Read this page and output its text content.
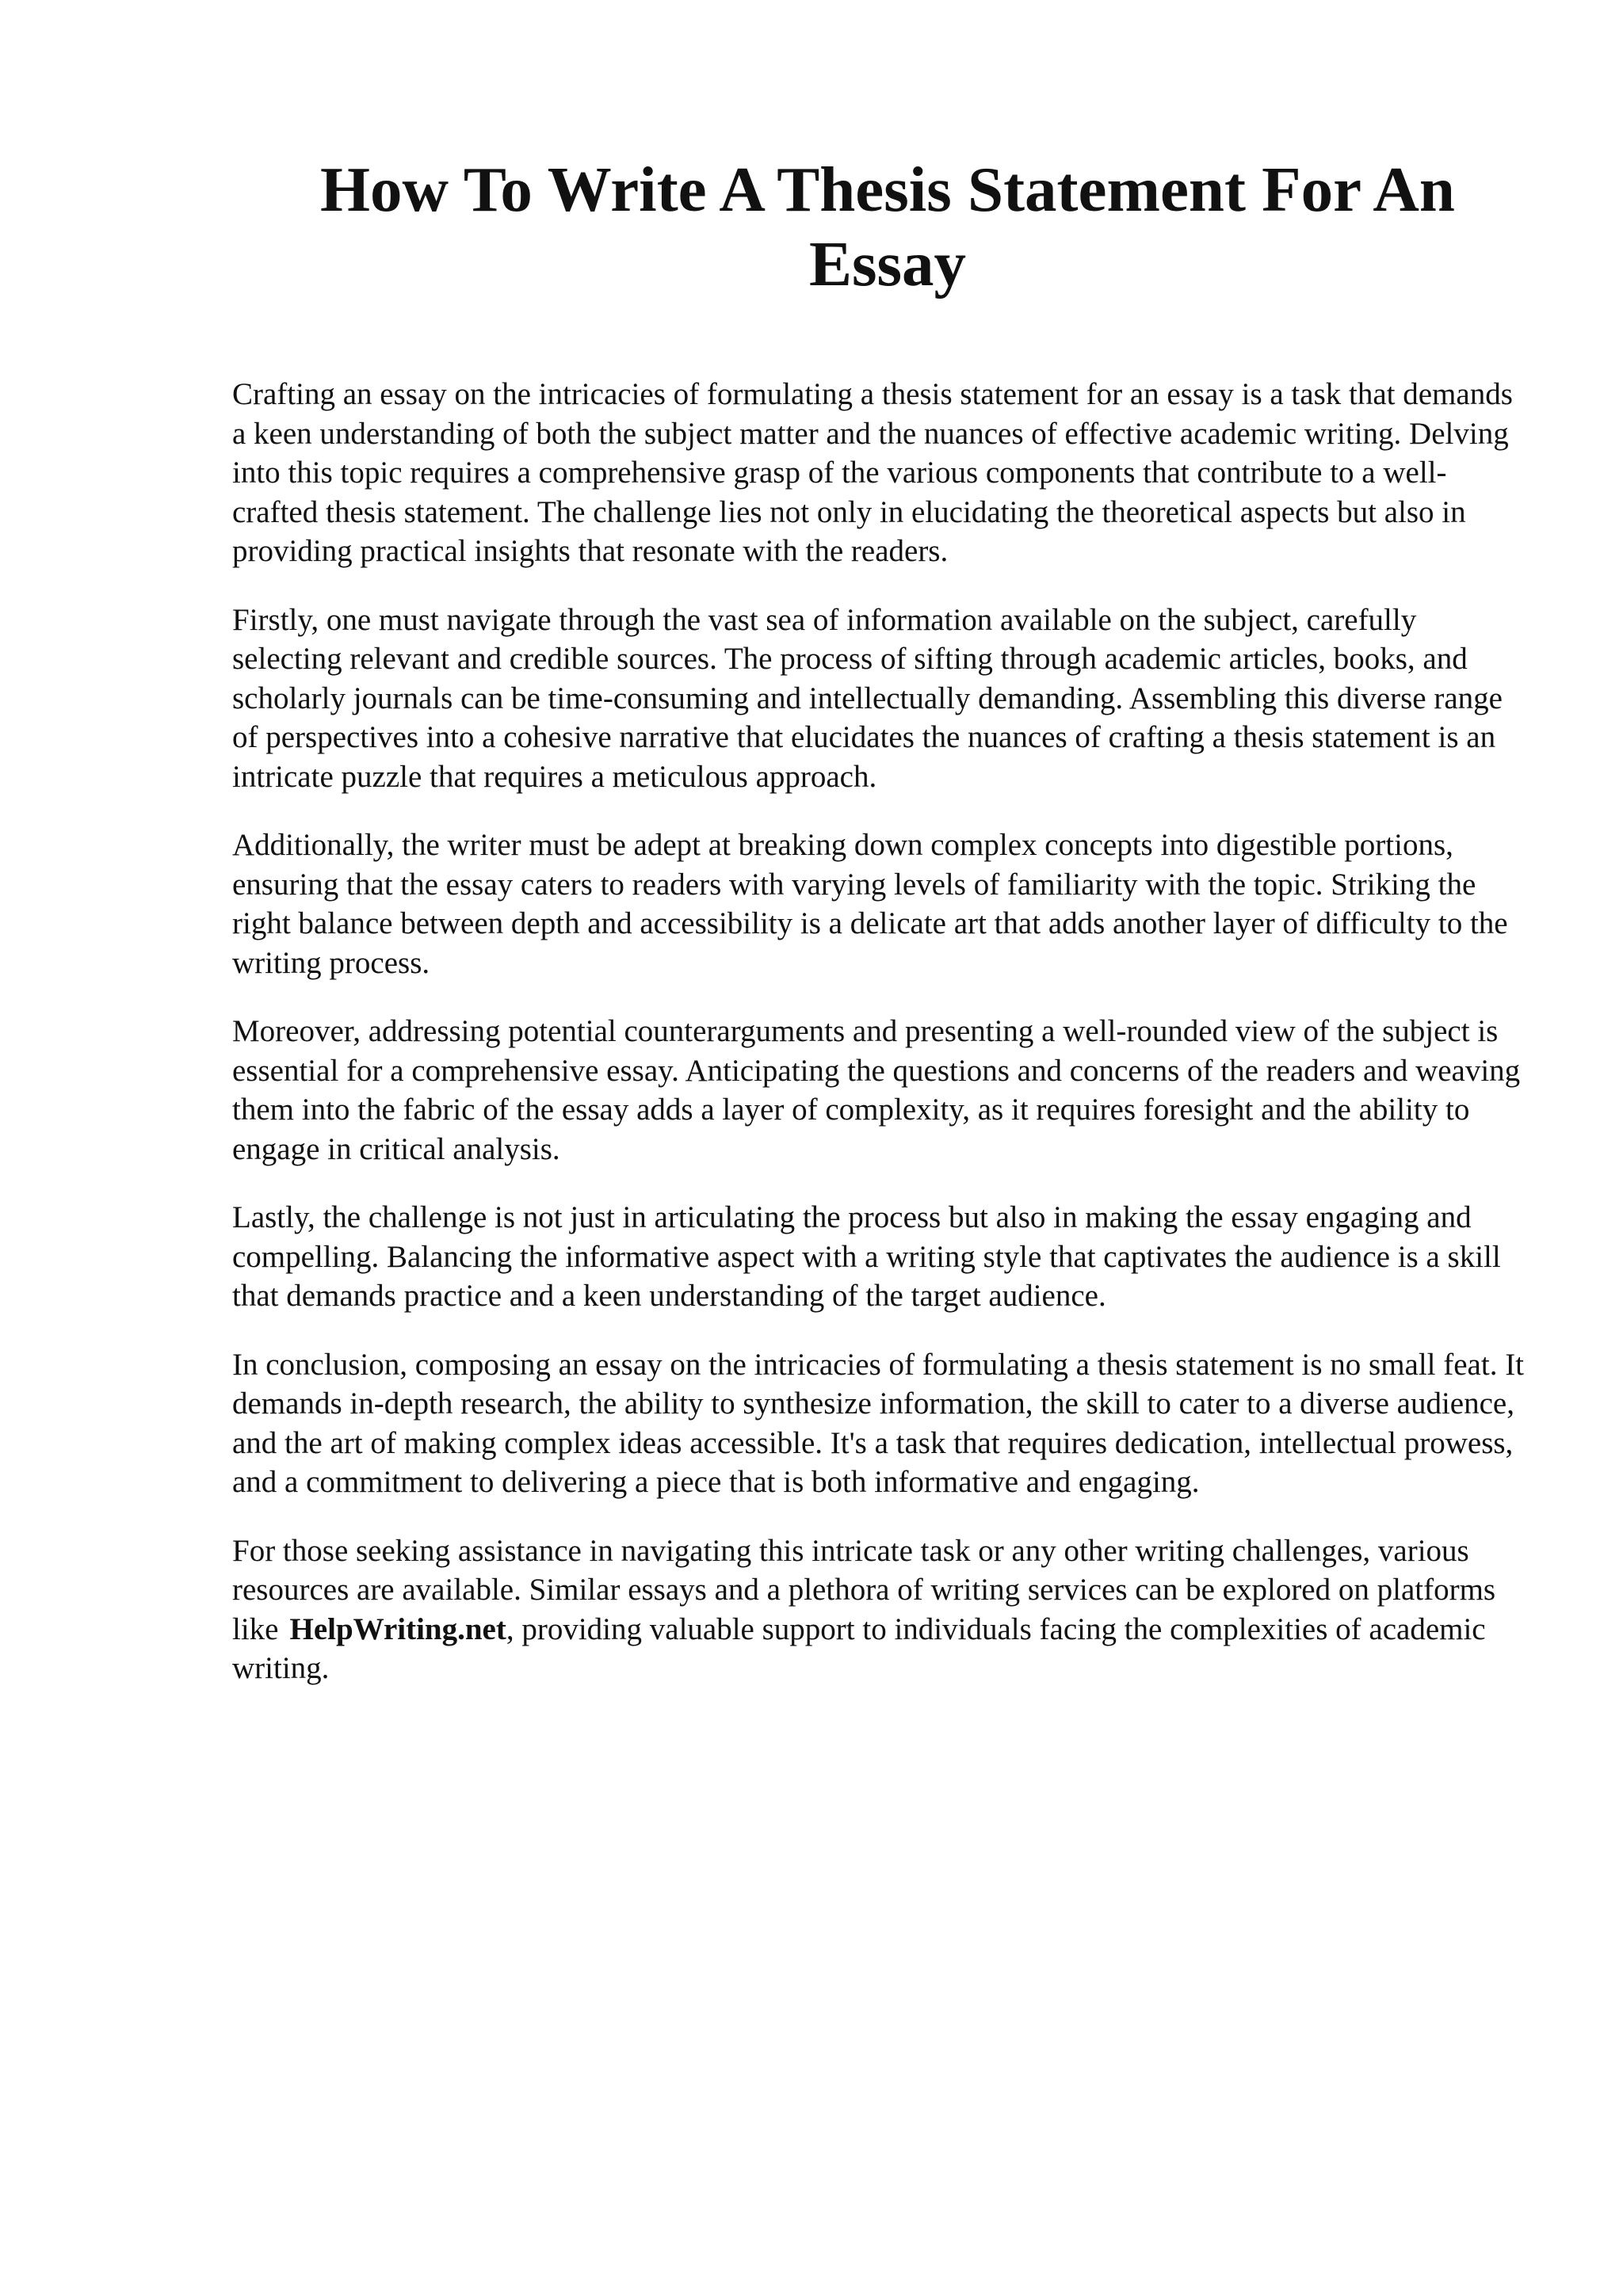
How To Write A Thesis Statement For An Essay

Crafting an essay on the intricacies of formulating a thesis statement for an essay is a task that demands a keen understanding of both the subject matter and the nuances of effective academic writing. Delving into this topic requires a comprehensive grasp of the various components that contribute to a well-crafted thesis statement. The challenge lies not only in elucidating the theoretical aspects but also in providing practical insights that resonate with the readers.

Firstly, one must navigate through the vast sea of information available on the subject, carefully selecting relevant and credible sources. The process of sifting through academic articles, books, and scholarly journals can be time-consuming and intellectually demanding. Assembling this diverse range of perspectives into a cohesive narrative that elucidates the nuances of crafting a thesis statement is an intricate puzzle that requires a meticulous approach.

Additionally, the writer must be adept at breaking down complex concepts into digestible portions, ensuring that the essay caters to readers with varying levels of familiarity with the topic. Striking the right balance between depth and accessibility is a delicate art that adds another layer of difficulty to the writing process.

Moreover, addressing potential counterarguments and presenting a well-rounded view of the subject is essential for a comprehensive essay. Anticipating the questions and concerns of the readers and weaving them into the fabric of the essay adds a layer of complexity, as it requires foresight and the ability to engage in critical analysis.

Lastly, the challenge is not just in articulating the process but also in making the essay engaging and compelling. Balancing the informative aspect with a writing style that captivates the audience is a skill that demands practice and a keen understanding of the target audience.

In conclusion, composing an essay on the intricacies of formulating a thesis statement is no small feat. It demands in-depth research, the ability to synthesize information, the skill to cater to a diverse audience, and the art of making complex ideas accessible. It's a task that requires dedication, intellectual prowess, and a commitment to delivering a piece that is both informative and engaging.

For those seeking assistance in navigating this intricate task or any other writing challenges, various resources are available. Similar essays and a plethora of writing services can be explored on platforms like HelpWriting.net, providing valuable support to individuals facing the complexities of academic writing.
